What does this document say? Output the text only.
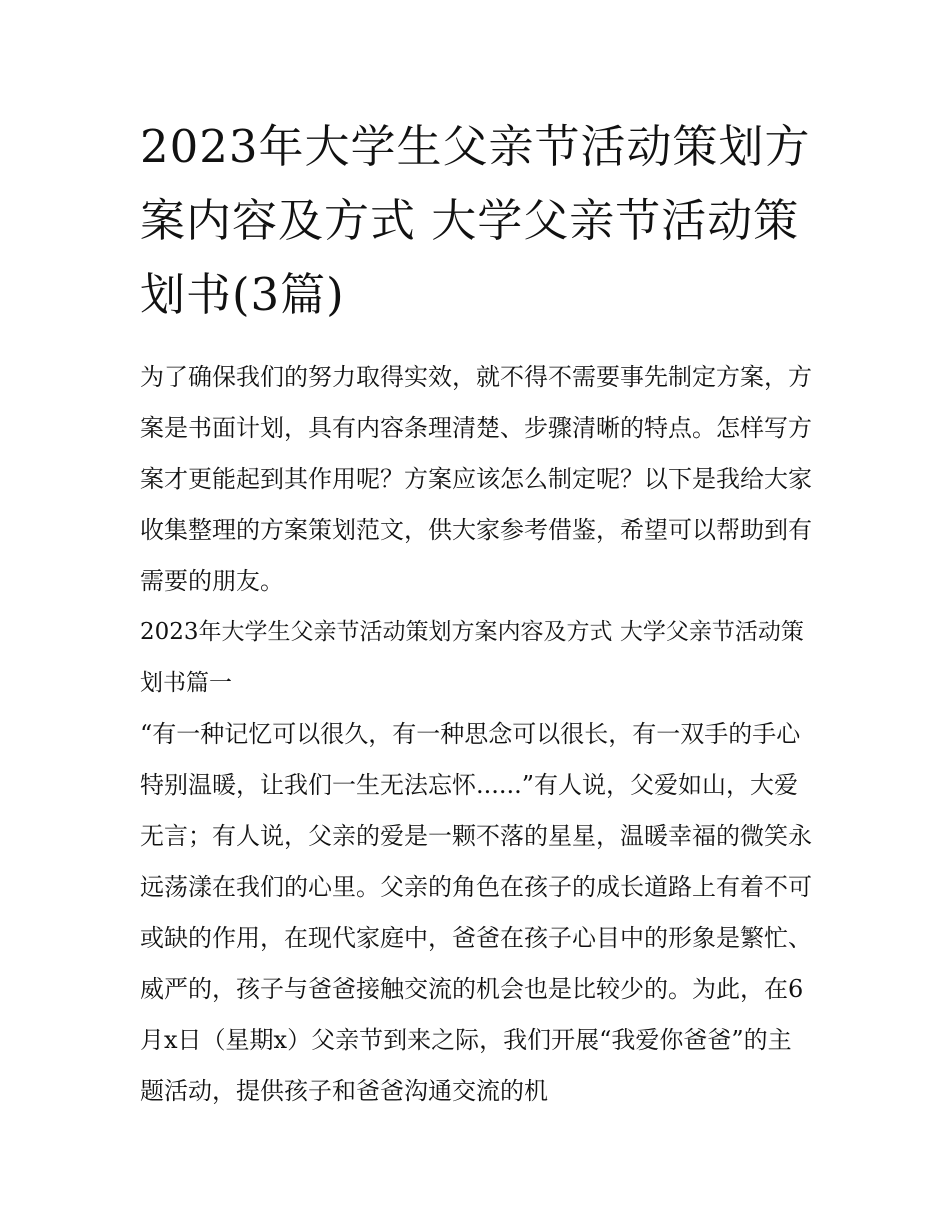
2023年大学生父亲节活动策划方案内容及方式 大学父亲节活动策划书(3篇)

为了确保我们的努力取得实效，就不得不需要事先制定方案，方案是书面计划，具有内容条理清楚、步骤清晰的特点。怎样写方案才更能起到其作用呢？方案应该怎么制定呢？以下是我给大家收集整理的方案策划范文，供大家参考借鉴，希望可以帮助到有需要的朋友。

2023年大学生父亲节活动策划方案内容及方式 大学父亲节活动策划书篇一

“有一种记忆可以很久，有一种思念可以很长，有一双手的手心特别温暖，让我们一生无法忘怀......”有人说，父爱如山，大爱无言；有人说，父亲的爱是一颗不落的星星，温暖幸福的微笑永远荡漾在我们的心里。父亲的角色在孩子的成长道路上有着不可或缺的作用，在现代家庭中，爸爸在孩子心目中的形象是繁忙、威严的，孩子与爸爸接触交流的机会也是比较少的。为此，在6月x日（星期x）父亲节到来之际，我们开展“我爱你爸爸”的主题活动，提供孩子和爸爸沟通交流的机
